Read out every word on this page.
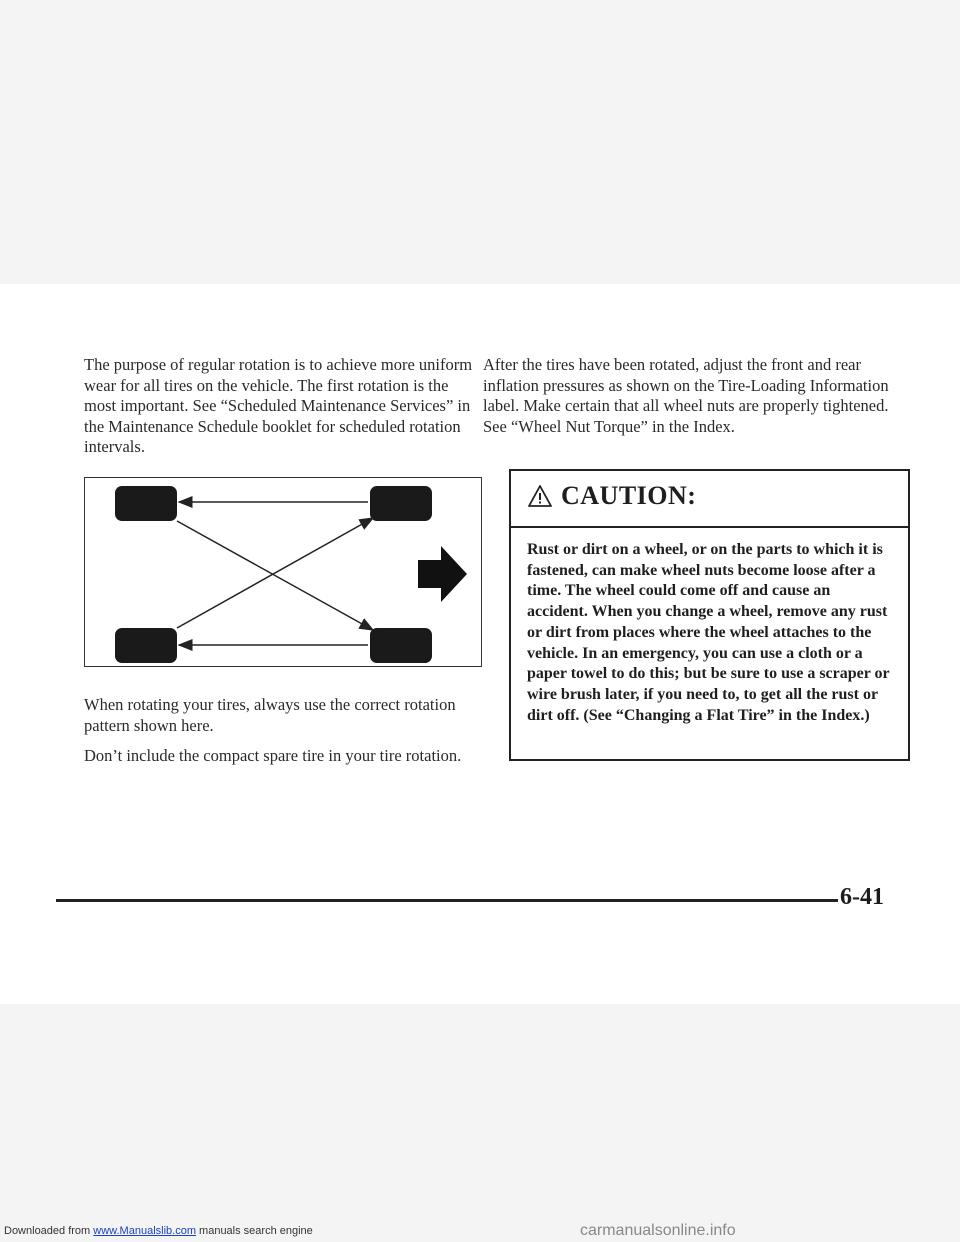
The purpose of regular rotation is to achieve more uniform wear for all tires on the vehicle. The first rotation is the most important. See “Scheduled Maintenance Services” in the Maintenance Schedule booklet for scheduled rotation intervals.

When rotating your tires, always use the correct rotation pattern shown here.

Don’t include the compact spare tire in your tire rotation.

After the tires have been rotated, adjust the front and rear inflation pressures as shown on the Tire-Loading Information label. Make certain that all wheel nuts are properly tightened. See “Wheel Nut Torque” in the Index.

CAUTION:

Rust or dirt on a wheel, or on the parts to which it is fastened, can make wheel nuts become loose after a time. The wheel could come off and cause an accident. When you change a wheel, remove any rust or dirt from places where the wheel attaches to the vehicle. In an emergency, you can use a cloth or a paper towel to do this; but be sure to use a scraper or wire brush later, if you need to, to get all the rust or dirt off. (See “Changing a Flat Tire” in the Index.)

6-41
Downloaded from www.Manualslib.com manuals search engine	carmanualsonline.info
